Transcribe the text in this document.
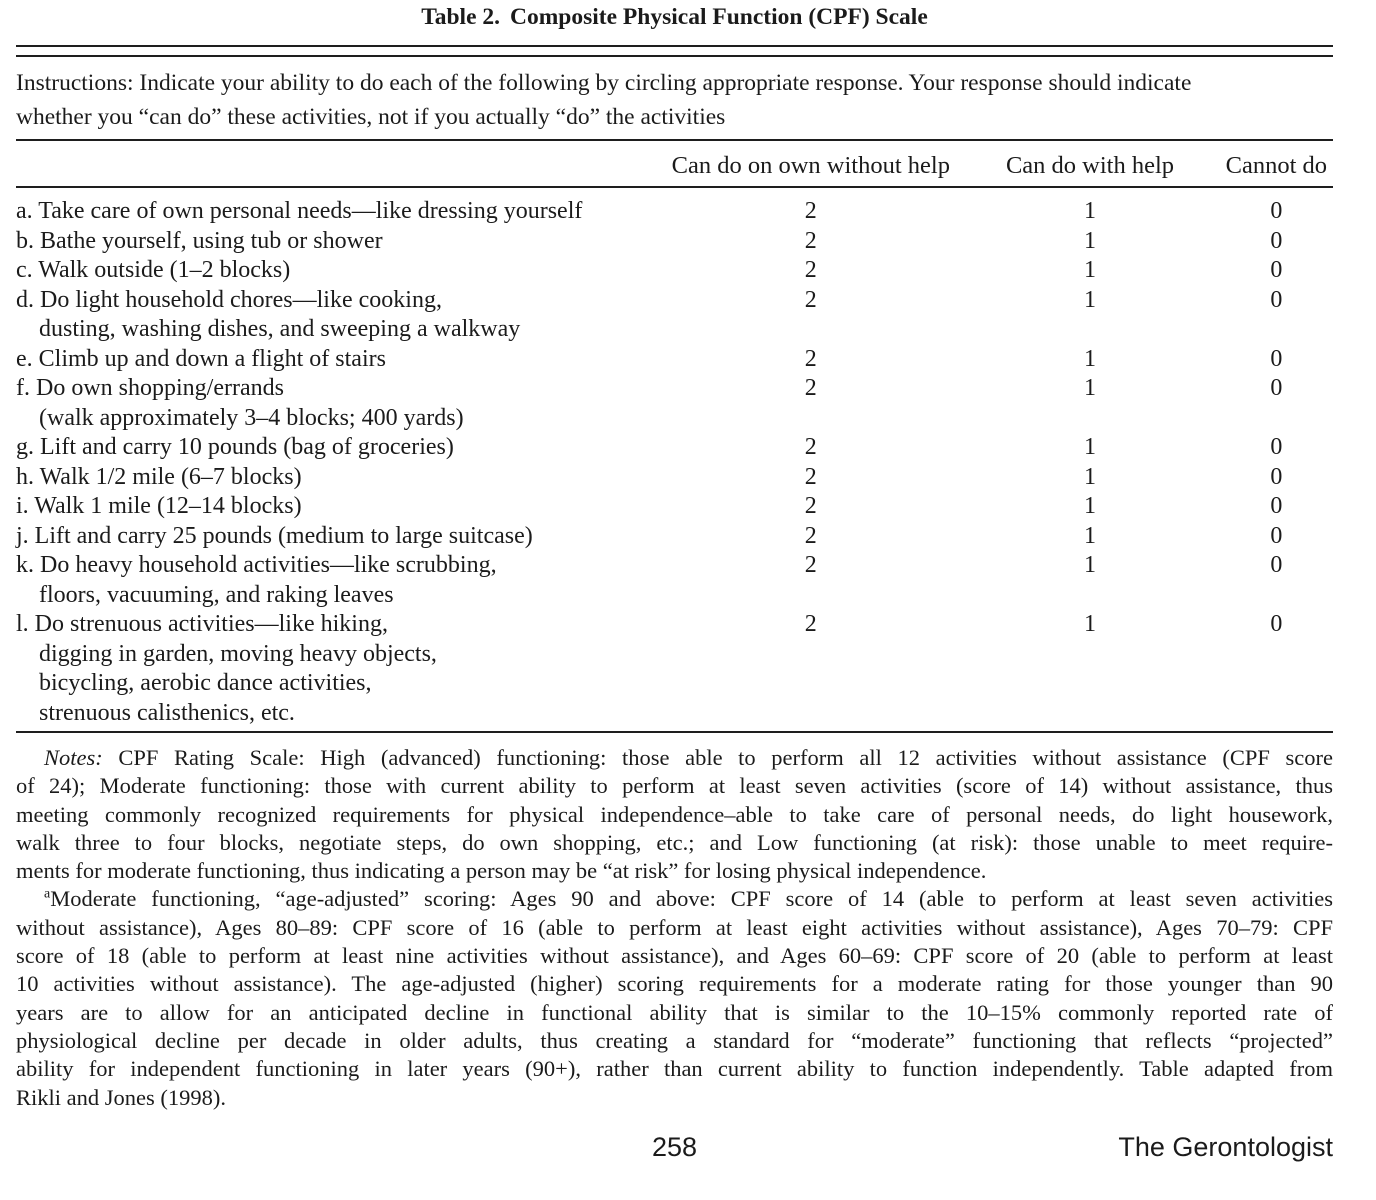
Table 2. Composite Physical Function (CPF) Scale
Instructions: Indicate your ability to do each of the following by circling appropriate response. Your response should indicate
whether you “can do” these activities, not if you actually “do” the activities
	Can do on own without help	Can do with help	Cannot do
a. Take care of own personal needs—like dressing yourself	2	1	0
b. Bathe yourself, using tub or shower	2	1	0
c. Walk outside (1–2 blocks)	2	1	0
d. Do light household chores—like cooking,	2	1	0
dusting, washing dishes, and sweeping a walkway			
e. Climb up and down a flight of stairs	2	1	0
f. Do own shopping/errands	2	1	0
(walk approximately 3–4 blocks; 400 yards)			
g. Lift and carry 10 pounds (bag of groceries)	2	1	0
h. Walk 1/2 mile (6–7 blocks)	2	1	0
i. Walk 1 mile (12–14 blocks)	2	1	0
j. Lift and carry 25 pounds (medium to large suitcase)	2	1	0
k. Do heavy household activities—like scrubbing,	2	1	0
floors, vacuuming, and raking leaves			
l. Do strenuous activities—like hiking,	2	1	0
digging in garden, moving heavy objects,			
bicycling, aerobic dance activities,			
strenuous calisthenics, etc.			
Notes: CPF Rating Scale: High (advanced) functioning: those able to perform all 12 activities without assistance (CPF score
of 24); Moderate functioning: those with current ability to perform at least seven activities (score of 14) without assistance, thus
meeting commonly recognized requirements for physical independence–able to take care of personal needs, do light housework,
walk three to four blocks, negotiate steps, do own shopping, etc.; and Low functioning (at risk): those unable to meet require-
ments for moderate functioning, thus indicating a person may be “at risk” for losing physical independence.
$^a$Moderate functioning, “age-adjusted” scoring: Ages 90 and above: CPF score of 14 (able to perform at least seven activities
without assistance), Ages 80–89: CPF score of 16 (able to perform at least eight activities without assistance), Ages 70–79: CPF
score of 18 (able to perform at least nine activities without assistance), and Ages 60–69: CPF score of 20 (able to perform at least
10 activities without assistance). The age-adjusted (higher) scoring requirements for a moderate rating for those younger than 90
years are to allow for an anticipated decline in functional ability that is similar to the 10–15% commonly reported rate of
physiological decline per decade in older adults, thus creating a standard for “moderate” functioning that reflects “projected”
ability for independent functioning in later years (90+), rather than current ability to function independently. Table adapted from
Rikli and Jones (1998).
258	The Gerontologist
